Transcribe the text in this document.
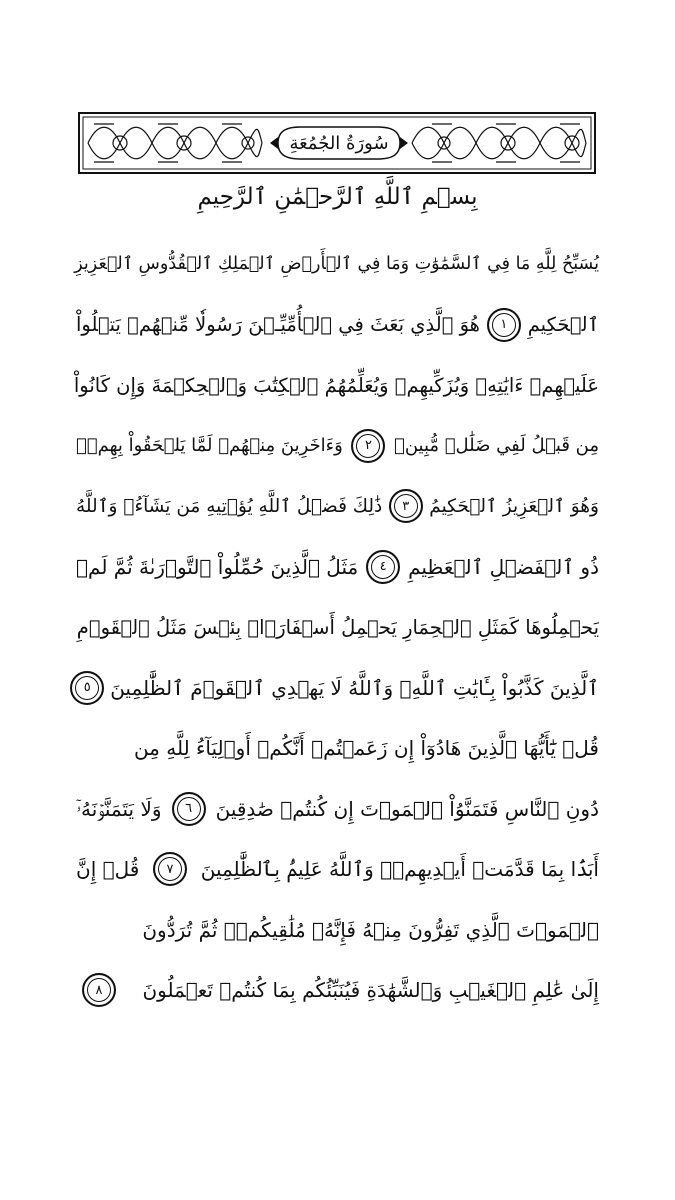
سُورَةُ الجُمُعَةِ
بِسۡمِ ٱللَّهِ ٱلرَّحۡمَٰنِ ٱلرَّحِيمِ
يُسَبِّحُ لِلَّهِ مَا فِي ٱلسَّمَٰوَٰتِ وَمَا فِي ٱلۡأَرۡضِ ٱلۡمَلِكِ ٱلۡقُدُّوسِ ٱلۡعَزِيزِ
ٱلۡحَكِيمِ
١
هُوَ ٱلَّذِي بَعَثَ فِي ٱلۡأُمِّيِّـۧنَ رَسُولٗا مِّنۡهُمۡ يَتۡلُواْ
عَلَيۡهِمۡ ءَايَٰتِهِۦ وَيُزَكِّيهِمۡ وَيُعَلِّمُهُمُ ٱلۡكِتَٰبَ وَٱلۡحِكۡمَةَ وَإِن كَانُواْ
مِن قَبۡلُ لَفِي ضَلَٰلٖ مُّبِينٖ
٢
وَءَاخَرِينَ مِنۡهُمۡ لَمَّا يَلۡحَقُواْ بِهِمۡۚ
وَهُوَ ٱلۡعَزِيزُ ٱلۡحَكِيمُ
٣
ذَٰلِكَ فَضۡلُ ٱللَّهِ يُؤۡتِيهِ مَن يَشَآءُۚ وَٱللَّهُ
ذُو ٱلۡفَضۡلِ ٱلۡعَظِيمِ
٤
مَثَلُ ٱلَّذِينَ حُمِّلُواْ ٱلتَّوۡرَىٰةَ ثُمَّ لَمۡ
يَحۡمِلُوهَا كَمَثَلِ ٱلۡحِمَارِ يَحۡمِلُ أَسۡفَارَۢاۚ بِئۡسَ مَثَلُ ٱلۡقَوۡمِ
ٱلَّذِينَ كَذَّبُواْ بِـَٔايَٰتِ ٱللَّهِۚ وَٱللَّهُ لَا يَهۡدِي ٱلۡقَوۡمَ ٱلظَّٰلِمِينَ
٥
قُلۡ يَٰٓأَيُّهَا ٱلَّذِينَ هَادُوٓاْ إِن زَعَمۡتُمۡ أَنَّكُمۡ أَوۡلِيَآءُ لِلَّهِ مِن
دُونِ ٱلنَّاسِ فَتَمَنَّوُاْ ٱلۡمَوۡتَ إِن كُنتُمۡ صَٰدِقِينَ
٦
وَلَا يَتَمَنَّوۡنَهُۥٓ
أَبَدَۢا بِمَا قَدَّمَتۡ أَيۡدِيهِمۡۚ وَٱللَّهُ عَلِيمُۢ بِٱلظَّٰلِمِينَ
٧
قُلۡ إِنَّ
ٱلۡمَوۡتَ ٱلَّذِي تَفِرُّونَ مِنۡهُ فَإِنَّهُۥ مُلَٰقِيكُمۡۖ ثُمَّ تُرَدُّونَ
إِلَىٰ عَٰلِمِ ٱلۡغَيۡبِ وَٱلشَّهَٰدَةِ فَيُنَبِّئُكُم بِمَا كُنتُمۡ تَعۡمَلُونَ
٨
